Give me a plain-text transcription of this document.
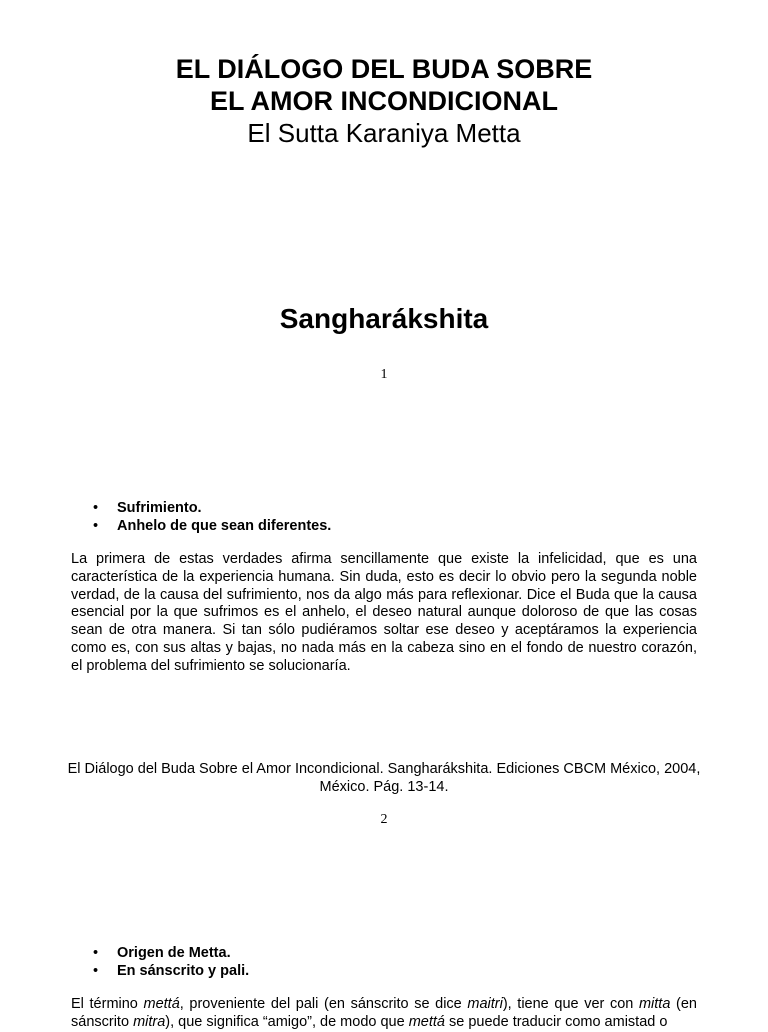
EL DIÁLOGO DEL BUDA SOBRE
EL AMOR INCONDICIONAL
El Sutta Karaniya Metta
Sangharákshita
1
• Sufrimiento.
• Anhelo de que sean diferentes.

La primera de estas verdades afirma sencillamente que existe la infelicidad, que es una característica de la experiencia humana. Sin duda, esto es decir lo obvio pero la segunda noble verdad, de la causa del sufrimiento, nos da algo más para reflexionar. Dice el Buda que la causa esencial por la que sufrimos es el anhelo, el deseo natural aunque doloroso de que las cosas sean de otra manera. Si tan sólo pudiéramos soltar ese deseo y aceptáramos la experiencia como es, con sus altas y bajas, no nada más en la cabeza sino en el fondo de nuestro corazón, el problema del sufrimiento se solucionaría.

El Diálogo del Buda Sobre el Amor Incondicional. Sangharákshita. Ediciones CBCM México, 2004, México. Pág. 13-14.
2
• Origen de Metta.
• En sánscrito y pali.

El término mettá, proveniente del pali (en sánscrito se dice maitri), tiene que ver con mitta (en sánscrito mitra), que significa “amigo”, de modo que mettá se puede traducir como amistad o
